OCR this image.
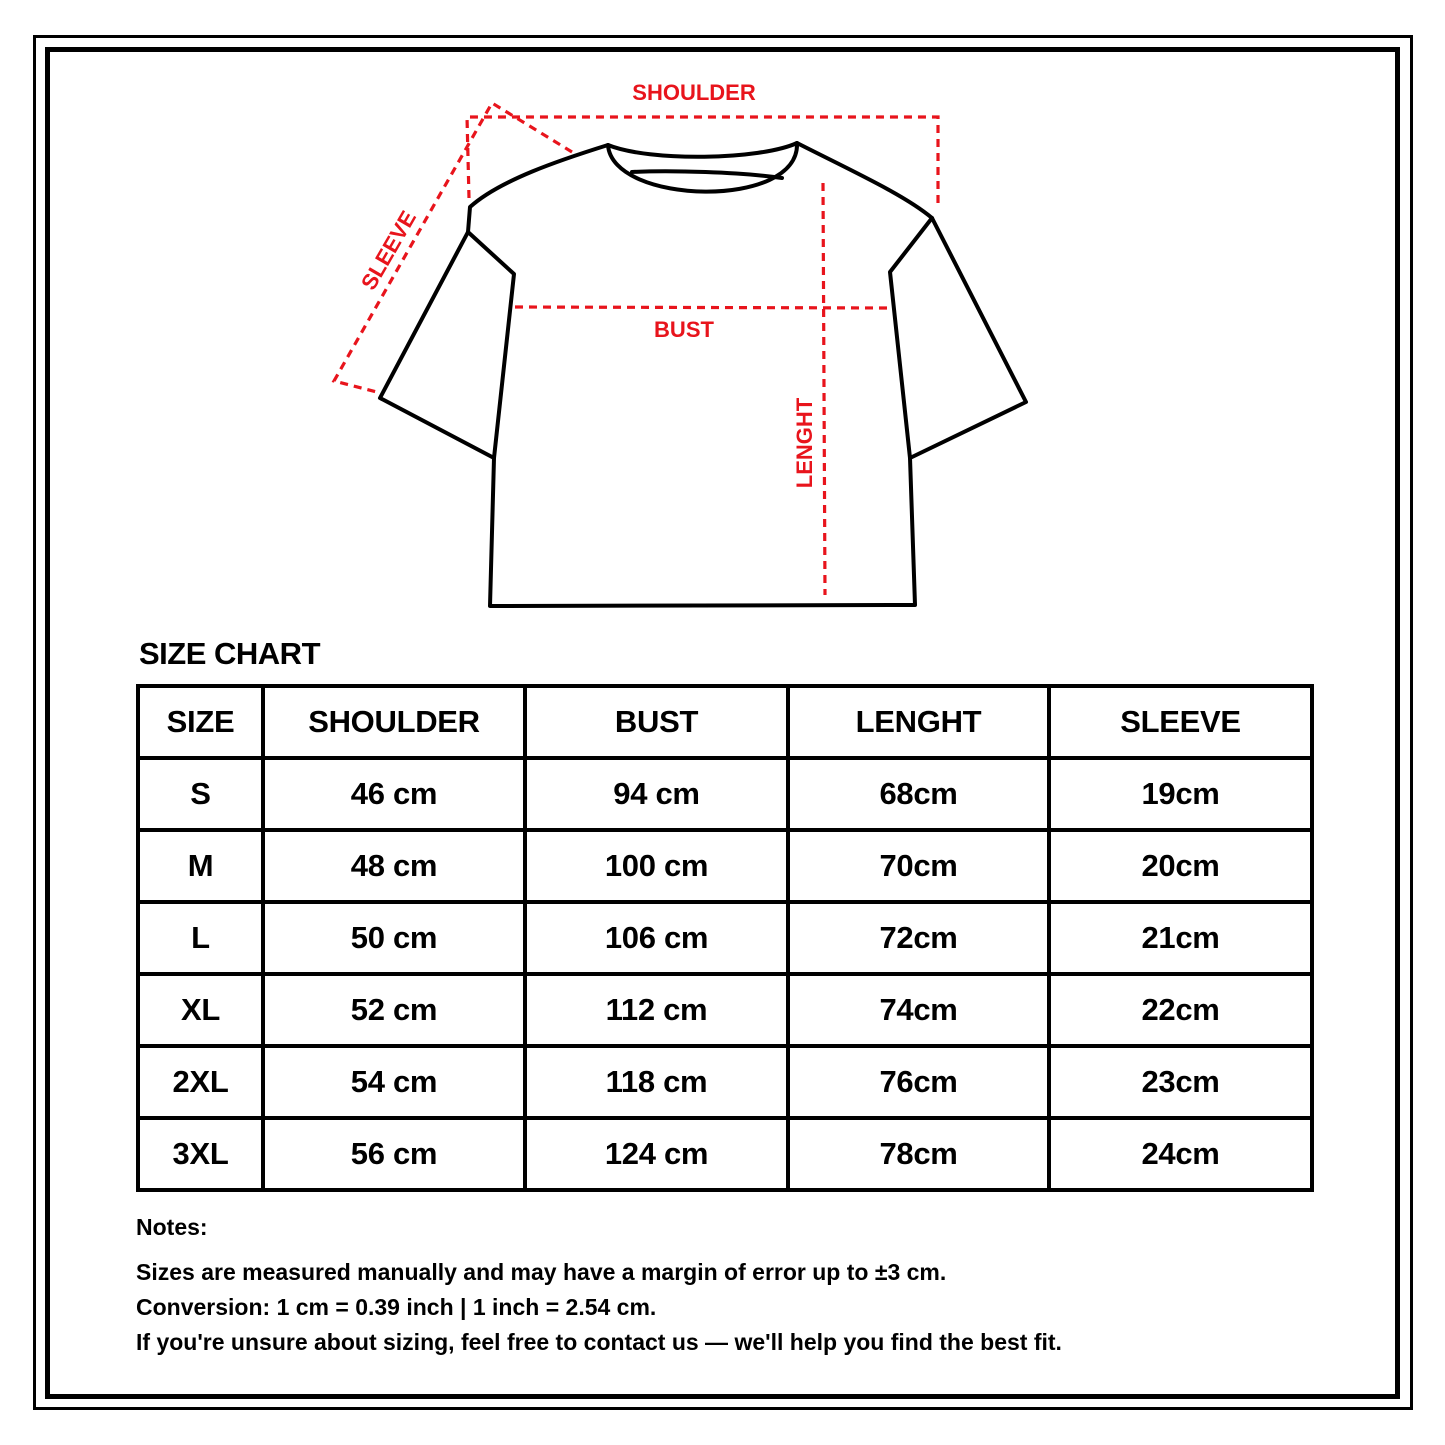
SHOULDER
BUST
SLEEVE
LENGHT
SIZE CHART
SIZE	SHOULDER	BUST	LENGHT	SLEEVE
S	46 cm	94 cm	68cm	19cm
M	48 cm	100 cm	70cm	20cm
L	50 cm	106 cm	72cm	21cm
XL	52 cm	112 cm	74cm	22cm
2XL	54 cm	118 cm	76cm	23cm
3XL	56 cm	124 cm	78cm	24cm

Notes:

Sizes are measured manually and may have a margin of error up to ±3 cm.

Conversion: 1 cm = 0.39 inch | 1 inch = 2.54 cm.

If you're unsure about sizing, feel free to contact us — we'll help you find the best fit.
